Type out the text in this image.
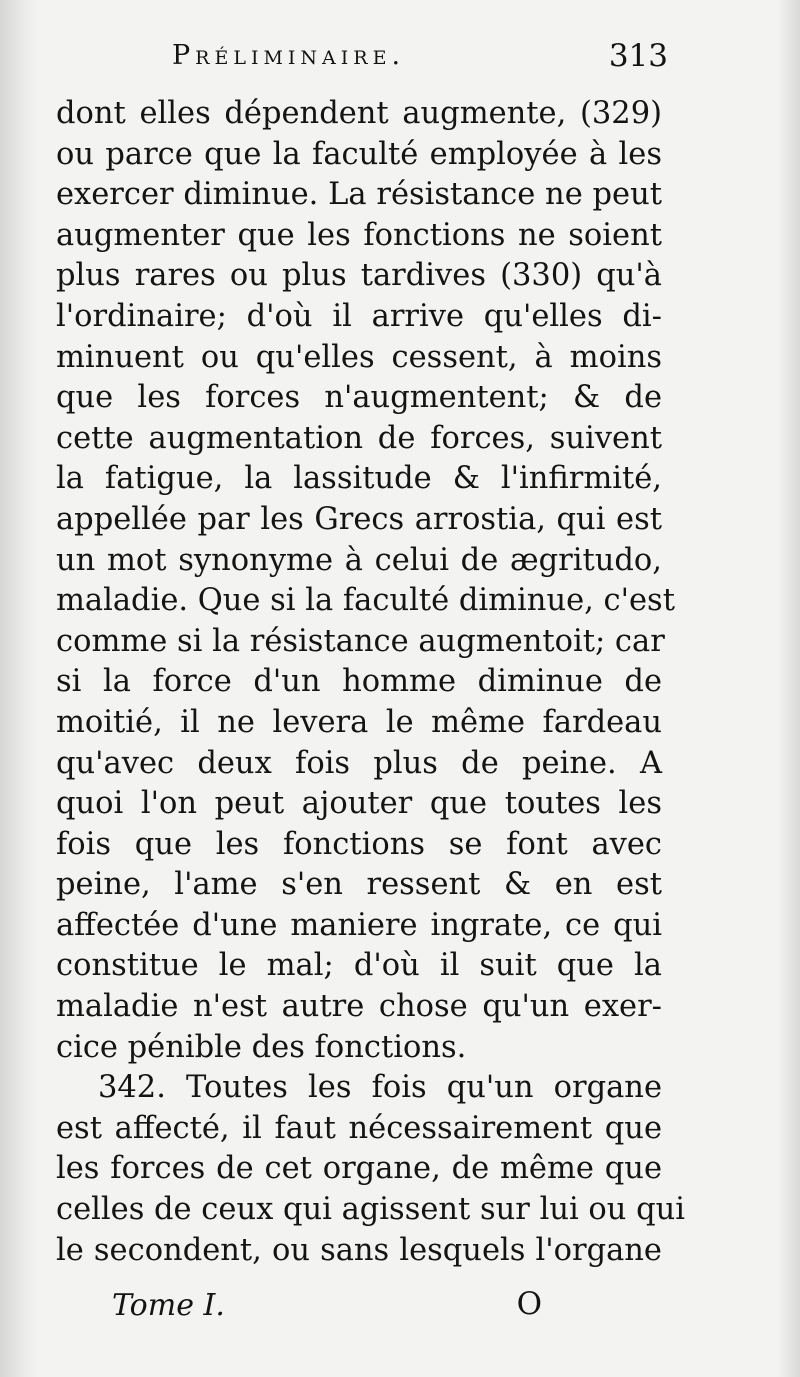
Préliminaire.	313
dont elles dépendent augmente, (329)
ou parce que la faculté employée à les
exercer diminue. La résistance ne peut
augmenter que les fonctions ne soient
plus rares ou plus tardives (330) qu'à
l'ordinaire; d'où il arrive qu'elles di-
minuent ou qu'elles cessent, à moins
que les forces n'augmentent; & de
cette augmentation de forces, suivent
la fatigue, la lassitude & l'infirmité,
appellée par les Grecs arrostia, qui est
un mot synonyme à celui de ægritudo,
maladie. Que si la faculté diminue, c'est
comme si la résistance augmentoit; car
si la force d'un homme diminue de
moitié, il ne levera le même fardeau
qu'avec deux fois plus de peine. A
quoi l'on peut ajouter que toutes les
fois que les fonctions se font avec
peine, l'ame s'en ressent & en est
affectée d'une maniere ingrate, ce qui
constitue le mal; d'où il suit que la
maladie n'est autre chose qu'un exer-
cice pénible des fonctions.
342. Toutes les fois qu'un organe
est affecté, il faut nécessairement que
les forces de cet organe, de même que
celles de ceux qui agissent sur lui ou qui
le secondent, ou sans lesquels l'organe
Tome I.	O
